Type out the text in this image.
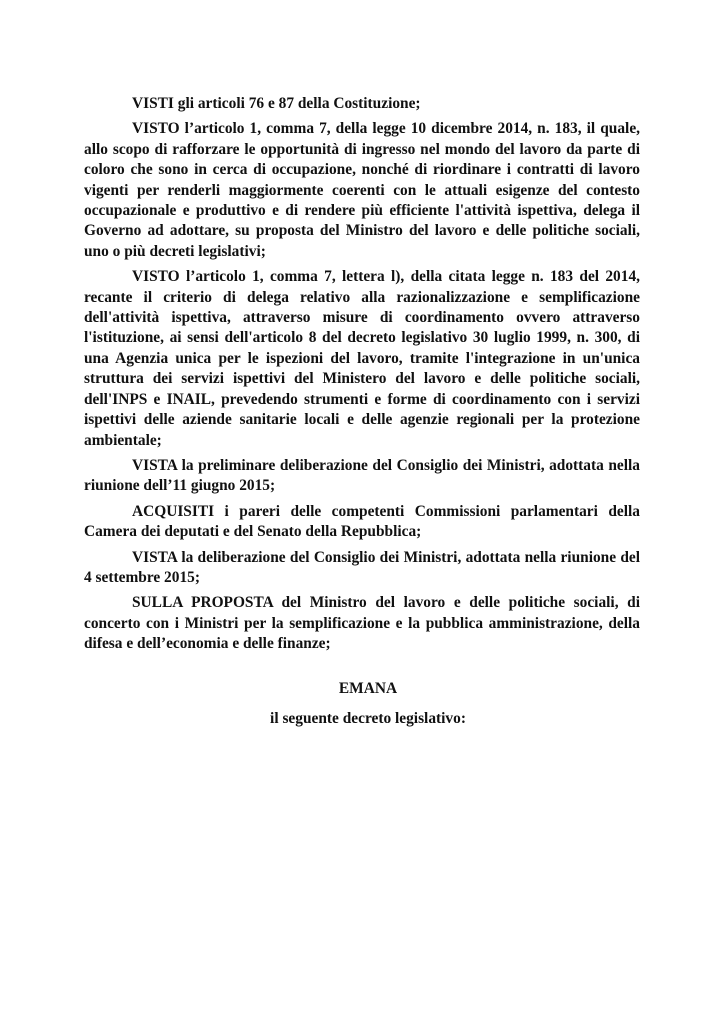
VISTI gli articoli 76 e 87 della Costituzione;

VISTO l’articolo 1, comma 7, della legge 10 dicembre 2014, n. 183, il quale, allo scopo di rafforzare le opportunità di ingresso nel mondo del lavoro da parte di coloro che sono in cerca di occupazione, nonché di riordinare i contratti di lavoro vigenti per renderli maggiormente coerenti con le attuali esigenze del contesto occupazionale e produttivo e di rendere più efficiente l'attività ispettiva, delega il Governo ad adottare, su proposta del Ministro del lavoro e delle politiche sociali, uno o più decreti legislativi;

VISTO l’articolo 1, comma 7, lettera l), della citata legge n. 183 del 2014, recante il criterio di delega relativo alla razionalizzazione e semplificazione dell'attività ispettiva, attraverso misure di coordinamento ovvero attraverso l'istituzione, ai sensi dell'articolo 8 del decreto legislativo 30 luglio 1999, n. 300, di una Agenzia unica per le ispezioni del lavoro, tramite l'integrazione in un'unica struttura dei servizi ispettivi del Ministero del lavoro e delle politiche sociali, dell'INPS e INAIL, prevedendo strumenti e forme di coordinamento con i servizi ispettivi delle aziende sanitarie locali e delle agenzie regionali per la protezione ambientale;

VISTA la preliminare deliberazione del Consiglio dei Ministri, adottata nella riunione dell’11 giugno 2015;

ACQUISITI i pareri delle competenti Commissioni parlamentari della Camera dei deputati e del Senato della Repubblica;

VISTA la deliberazione del Consiglio dei Ministri, adottata nella riunione del 4 settembre 2015;

SULLA PROPOSTA del Ministro del lavoro e delle politiche sociali, di concerto con i Ministri per la semplificazione e la pubblica amministrazione, della difesa e dell’economia e delle finanze;

EMANA
il seguente decreto legislativo:
